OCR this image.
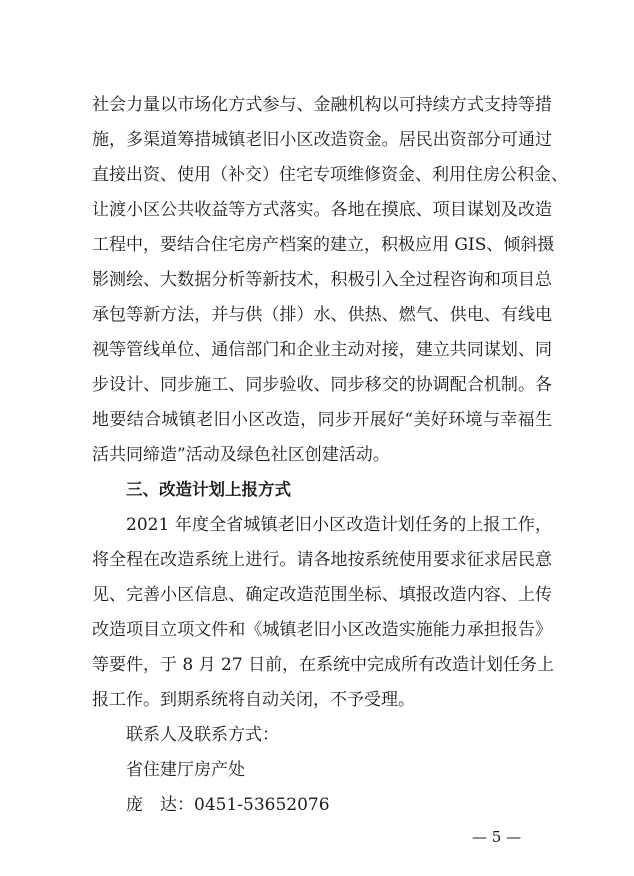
社会力量以市场化方式参与、金融机构以可持续方式支持等措
施，多渠道筹措城镇老旧小区改造资金。居民出资部分可通过
直接出资、使用（补交）住宅专项维修资金、利用住房公积金、
让渡小区公共收益等方式落实。各地在摸底、项目谋划及改造
工程中，要结合住宅房产档案的建立，积极应用 GIS、倾斜摄
影测绘、大数据分析等新技术，积极引入全过程咨询和项目总
承包等新方法，并与供（排）水、供热、燃气、供电、有线电
视等管线单位、通信部门和企业主动对接，建立共同谋划、同
步设计、同步施工、同步验收、同步移交的协调配合机制。各
地要结合城镇老旧小区改造，同步开展好“美好环境与幸福生
活共同缔造”活动及绿色社区创建活动。
三、改造计划上报方式
2021 年度全省城镇老旧小区改造计划任务的上报工作，
将全程在改造系统上进行。请各地按系统使用要求征求居民意
见、完善小区信息、确定改造范围坐标、填报改造内容、上传
改造项目立项文件和《城镇老旧小区改造实施能力承担报告》
等要件，于 8 月 27 日前，在系统中完成所有改造计划任务上
报工作。到期系统将自动关闭，不予受理。
联系人及联系方式：
省住建厅房产处
庞　达：0451-53652076
— 5 —
